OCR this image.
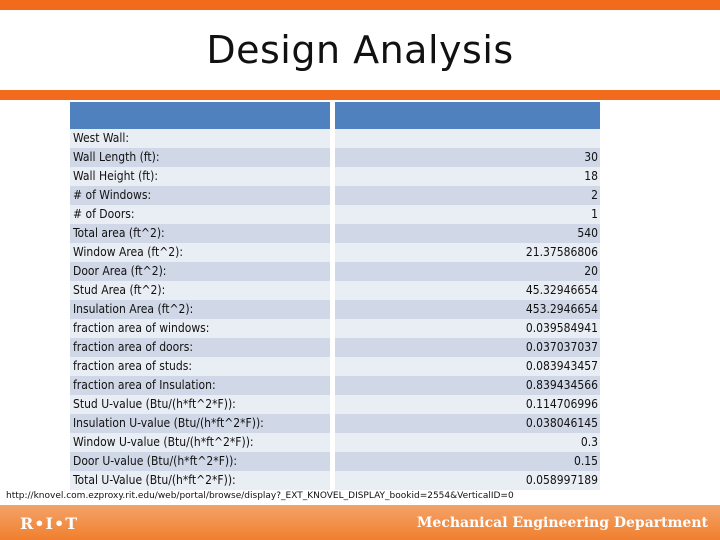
Design Analysis
West Wall:
Wall Length (ft):	30
Wall Height (ft):	18
# of Windows:	2
# of Doors:	1
Total area (ft^2):	540
Window Area (ft^2):	21.37586806
Door Area (ft^2):	20
Stud Area (ft^2):	45.32946654
Insulation Area (ft^2):	453.2946654
fraction area of windows:	0.039584941
fraction area of doors:	0.037037037
fraction area of studs:	0.083943457
fraction area of Insulation:	0.839434566
Stud U-value (Btu/(h*ft^2*F)):	0.114706996
Insulation U-value (Btu/(h*ft^2*F)):	0.038046145
Window U-value (Btu/(h*ft^2*F)):	0.3
Door U-value (Btu/(h*ft^2*F)):	0.15
Total U-Value (Btu/(h*ft^2*F)):	0.058997189
http://knovel.com.ezproxy.rit.edu/web/portal/browse/display?_EXT_KNOVEL_DISPLAY_bookid=2554&VerticalID=0
R•I•T	Mechanical Engineering Department
